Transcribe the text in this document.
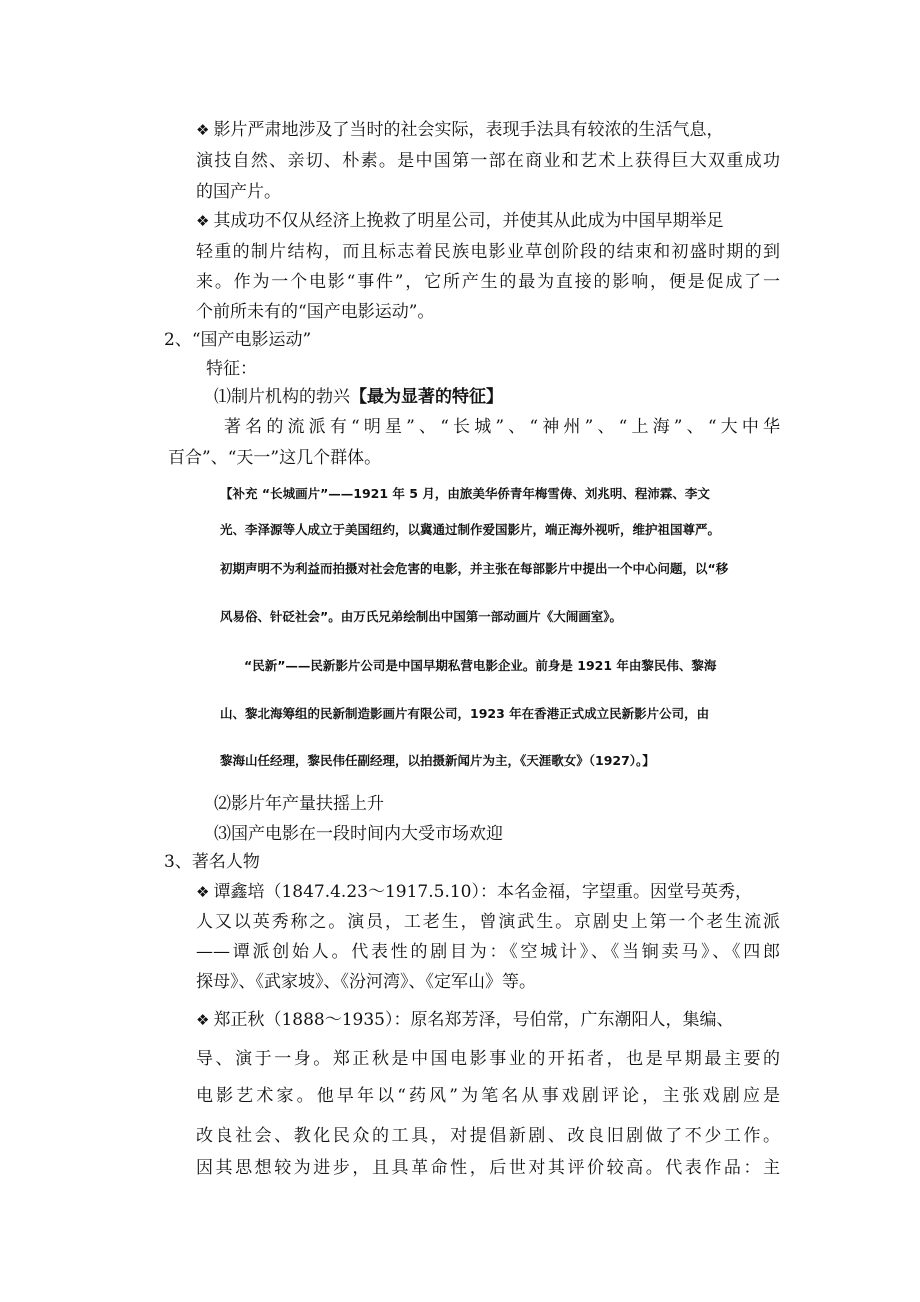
❖ 影片严肃地涉及了当时的社会实际，表现手法具有较浓的生活气息，
演技自然、亲切、朴素。是中国第一部在商业和艺术上获得巨大双重成功
的国产片。
❖ 其成功不仅从经济上挽救了明星公司，并使其从此成为中国早期举足
轻重的制片结构，而且标志着民族电影业草创阶段的结束和初盛时期的到
来。作为一个电影“事件”，它所产生的最为直接的影响，便是促成了一
个前所未有的“国产电影运动”。
2、“国产电影运动”
特征：
⑴制片机构的勃兴【最为显著的特征】
著名的流派有“明星”、“长城”、“神州”、“上海”、“大中华
百合”、“天一”这几个群体。
【补充 “长城画片”——1921 年 5 月，由旅美华侨青年梅雪俦、刘兆明、程沛霖、李文
光、李泽源等人成立于美国纽约，以冀通过制作爱国影片，端正海外视听，维护祖国尊严。
初期声明不为利益而拍摄对社会危害的电影，并主张在每部影片中提出一个中心问题，以“移
风易俗、针砭社会”。由万氏兄弟绘制出中国第一部动画片《大闹画室》。
“民新”——民新影片公司是中国早期私营电影企业。前身是 1921 年由黎民伟、黎海
山、黎北海筹组的民新制造影画片有限公司，1923 年在香港正式成立民新影片公司，由
黎海山任经理，黎民伟任副经理，以拍摄新闻片为主，《天涯歌女》（1927）。】
⑵影片年产量扶摇上升
⑶国产电影在一段时间内大受市场欢迎
3、著名人物
❖ 谭鑫培（1847.4.23～1917.5.10）：本名金福，字望重。因堂号英秀，
人又以英秀称之。演员，工老生，曾演武生。京剧史上第一个老生流派
——谭派创始人。代表性的剧目为：《空城计》、《当锏卖马》、《四郎
探母》、《武家坡》、《汾河湾》、《定军山》等。
❖ 郑正秋（1888～1935）：原名郑芳泽，号伯常，广东潮阳人，集编、
导、演于一身。郑正秋是中国电影事业的开拓者，也是早期最主要的
电影艺术家。他早年以“药风”为笔名从事戏剧评论，主张戏剧应是
改良社会、教化民众的工具，对提倡新剧、改良旧剧做了不少工作。
因其思想较为进步，且具革命性，后世对其评价较高。代表作品：主
